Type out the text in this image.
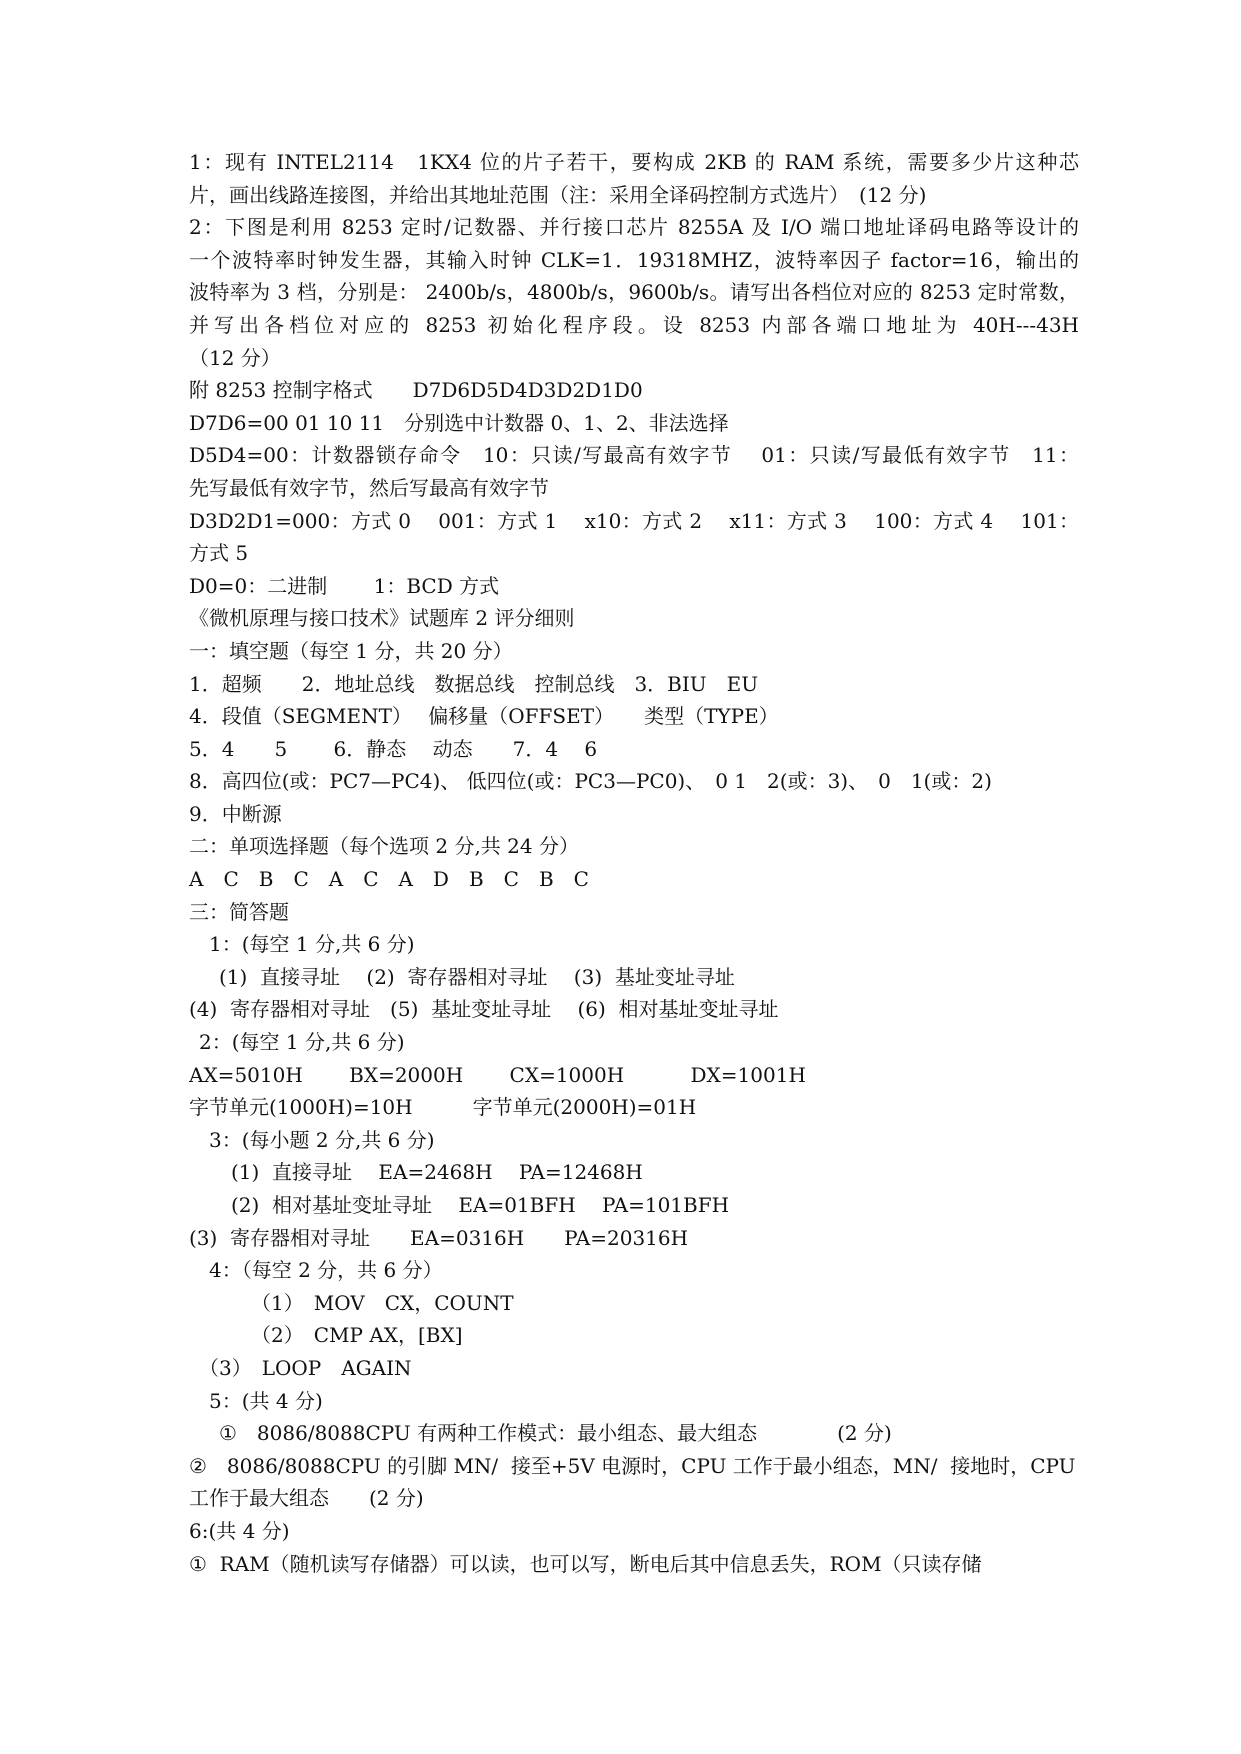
1：现有 INTEL2114　1KX4 位的片子若干，要构成 2KB 的 RAM 系统，需要多少片这种芯
片，画出线路连接图，并给出其地址范围（注：采用全译码控制方式选片）　(12 分)
2：下图是利用 8253 定时/记数器、并行接口芯片 8255A 及 I/O 端口地址译码电路等设计的
一个波特率时钟发生器，其输入时钟 CLK=1．19318MHZ，波特率因子 factor=16，输出的
波特率为 3 档，分别是： 2400b/s，4800b/s，9600b/s。请写出各档位对应的 8253 定时常数，
并写出各档位对应的 8253 初始化程序段。设 8253 内部各端口地址为 40H---43H
（12 分）
附 8253 控制字格式　　D7D6D5D4D3D2D1D0
D7D6=00 01 10 11　分别选中计数器 0、1、2、非法选择
D5D4=00：计数器锁存命令　10：只读/写最高有效字节　 01：只读/写最低有效字节　11：
先写最低有效字节，然后写最高有效字节
D3D2D1=000：方式 0　 001：方式 1　 x10：方式 2　 x11：方式 3　 100：方式 4　 101：
方式 5
D0=0：二进制　　 1：BCD 方式
《微机原理与接口技术》试题库 2 评分细则
一：填空题（每空 1 分，共 20 分）
1．超频　　2．地址总线　数据总线　控制总线　3．BIU　EU
4．段值（SEGMENT）　 偏移量（OFFSET）　　类型（TYPE）
5．4　　5　　 6．静态　 动态　　7．4　 6
8．高四位(或：PC7—PC4)、 低四位(或：PC3—PC0)、　0 1　2(或：3)、　0　1(或：2)
9．中断源
二：单项选择题（每个选项 2 分,共 24 分）
A　C　B　C　A　C　A　D　B　C　B　C
三：简答题
1：(每空 1 分,共 6 分)
(1)  直接寻址　 (2)  寄存器相对寻址　 (3)  基址变址寻址
(4)  寄存器相对寻址　(5)  基址变址寻址　 (6)  相对基址变址寻址
2：(每空 1 分,共 6 分)
AX=5010H　　 BX=2000H　　 CX=1000H　　　 DX=1001H
字节单元(1000H)=10H　　　字节单元(2000H)=01H
3：(每小题 2 分,共 6 分)
(1)  直接寻址　 EA=2468H　 PA=12468H
(2)  相对基址变址寻址　 EA=01BFH　 PA=101BFH
(3)  寄存器相对寻址　　EA=0316H　　PA=20316H
4：（每空 2 分，共 6 分）
（1）　MOV　CX，COUNT
（2）　CMP AX，[BX]
（3）　LOOP　AGAIN
5：(共 4 分)
①　8086/8088CPU 有两种工作模式：最小组态、最大组态　　　　(2 分)
②　8086/8088CPU 的引脚 MN/  接至+5V 电源时，CPU 工作于最小组态，MN/  接地时，CPU
工作于最大组态　　(2 分)
6:(共 4 分)
①  RAM（随机读写存储器）可以读，也可以写，断电后其中信息丢失，ROM（只读存储
